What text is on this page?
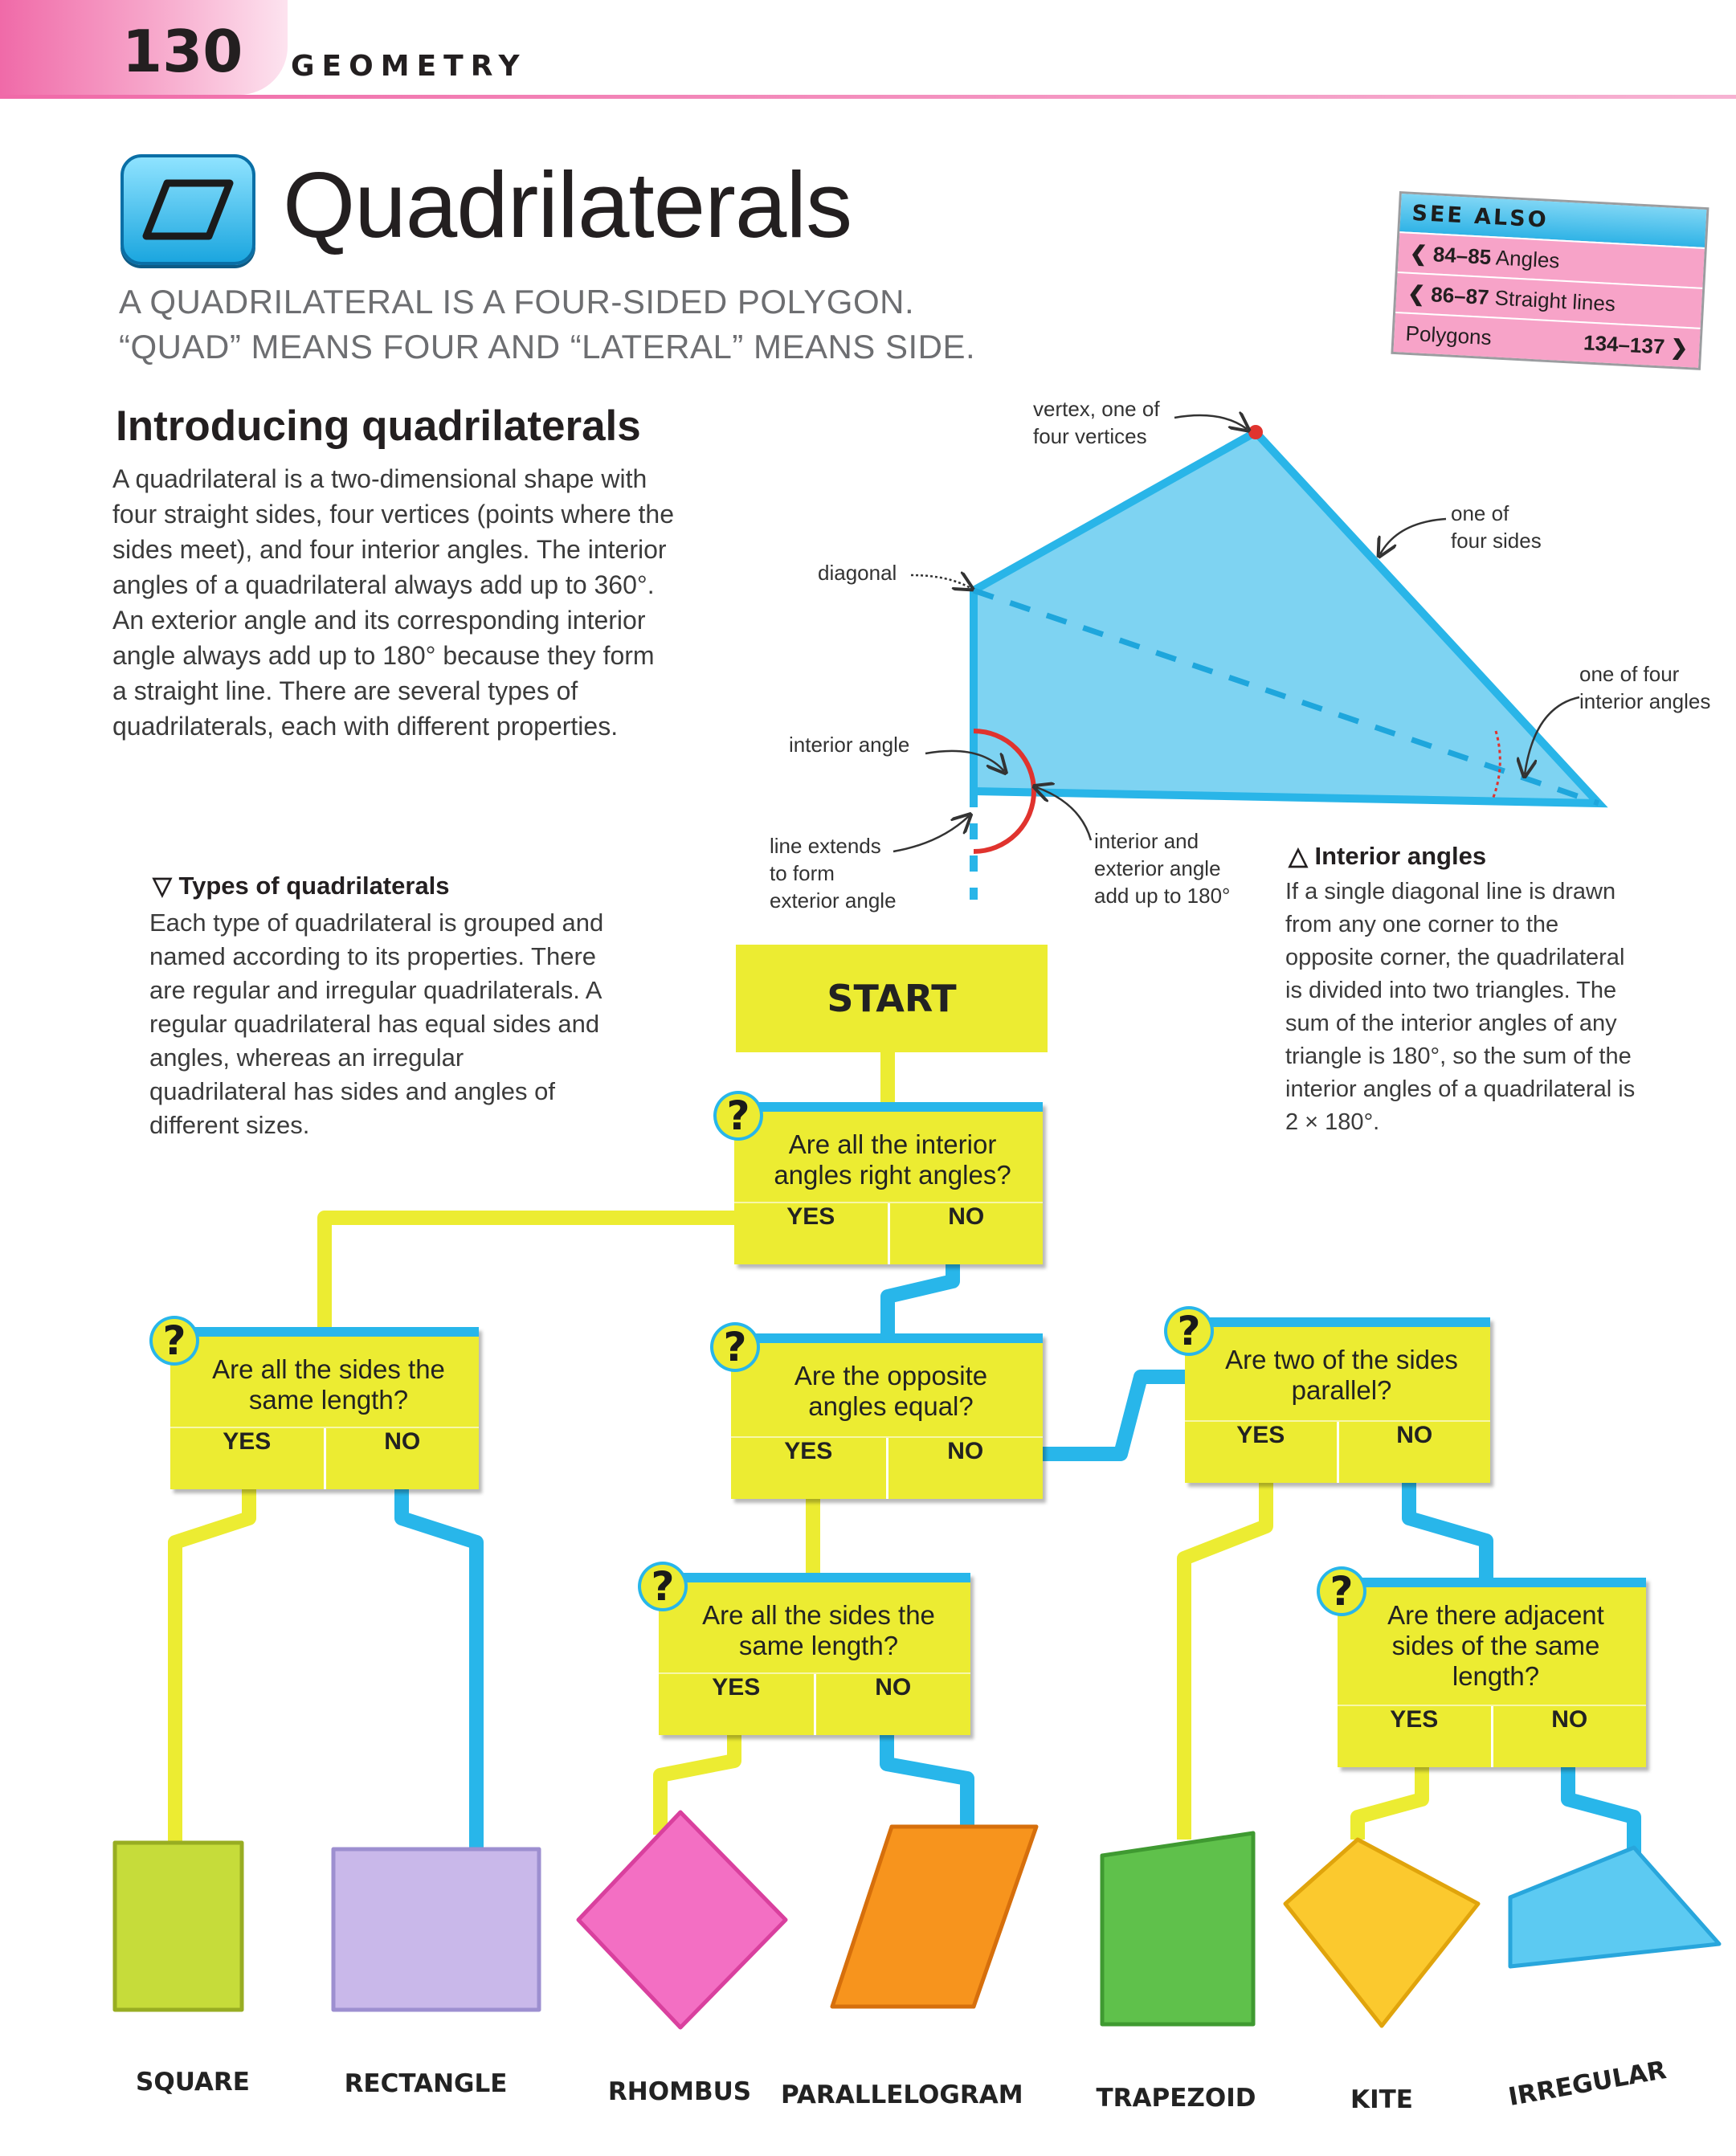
130 GEOMETRY
Quadrilaterals
A QUADRILATERAL IS A FOUR-SIDED POLYGON.
“QUAD” MEANS FOUR AND “LATERAL” MEANS SIDE.
SEE ALSO
❮ 84–85 Angles
❮ 86–87 Straight lines
Polygons	134–137 ❯
Introducing quadrilaterals
A quadrilateral is a two-dimensional shape with four straight sides, four vertices (points where the sides meet), and four interior angles. The interior angles of a quadrilateral always add up to 360°. An exterior angle and its corresponding interior angle always add up to 180° because they form a straight line. There are several types of quadrilaterals, each with different properties.
▽ Types of quadrilaterals
Each type of quadrilateral is grouped and named according to its properties. There are regular and irregular quadrilaterals. A regular quadrilateral has equal sides and angles, whereas an irregular quadrilateral has sides and angles of different sizes.
△ Interior angles
If a single diagonal line is drawn from any one corner to the opposite corner, the quadrilateral is divided into two triangles. The sum of the interior angles of any triangle is 180°, so the sum of the interior angles of a quadrilateral is 2 × 180°.
vertex, one of
four vertices
one of
four sides
diagonal
one of four
interior angles
interior angle
line extends
to form
exterior angle
interior and
exterior angle
add up to 180°
START
?
Are all the interior
angles right angles?
YES	NO
?
Are all the sides the
same length?
YES	NO
?
Are the opposite
angles equal?
YES	NO
?
Are two of the sides
parallel?
YES	NO
?
Are all the sides the
same length?
YES	NO
?
Are there adjacent
sides of the same
length?
YES	NO
SQUARE	RECTANGLE	RHOMBUS	PARALLELOGRAM	TRAPEZOID	KITE	IRREGULAR
